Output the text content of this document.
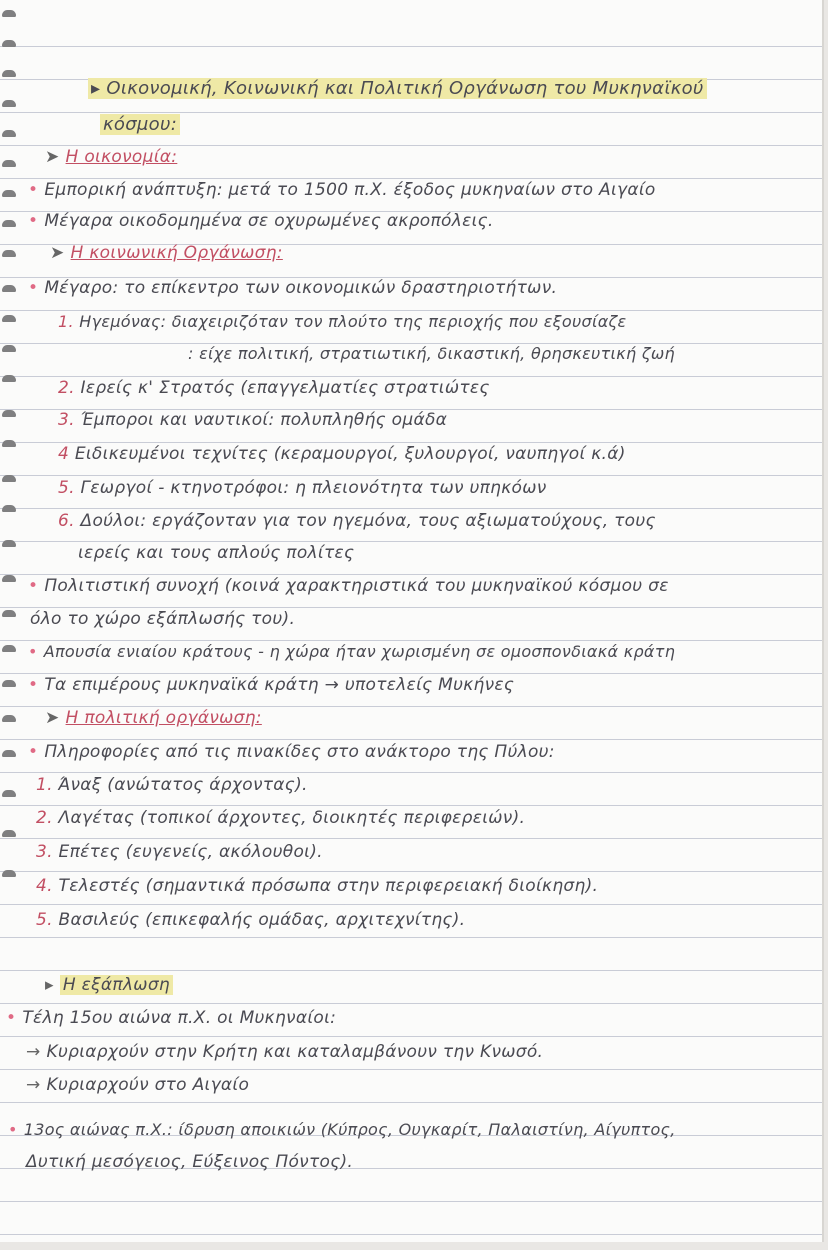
▸ Οικονομική, Κοινωνική και Πολιτική Οργάνωση του Μυκηναϊκού
κόσμου:
➤ Η οικονομία:
• Εμπορική ανάπτυξη: μετά το 1500 π.Χ. έξοδος μυκηναίων στο Αιγαίο
• Μέγαρα οικοδομημένα σε οχυρωμένες ακροπόλεις.
➤ Η κοινωνική Οργάνωση:
• Μέγαρο: το επίκεντρο των οικονομικών δραστηριοτήτων.
1. Ηγεμόνας: διαχειριζόταν τον πλούτο της περιοχής που εξουσίαζε
: είχε πολιτική, στρατιωτική, δικαστική, θρησκευτική ζωή
2. Ιερείς κ' Στρατός (επαγγελματίες στρατιώτες
3. Έμποροι και ναυτικοί: πολυπληθής ομάδα
4 Ειδικευμένοι τεχνίτες (κεραμουργοί, ξυλουργοί, ναυπηγοί κ.ά)
5. Γεωργοί - κτηνοτρόφοι: η πλειονότητα των υπηκόων
6. Δούλοι: εργάζονταν για τον ηγεμόνα, τους αξιωματούχους, τους
ιερείς και τους απλούς πολίτες
• Πολιτιστική συνοχή (κοινά χαρακτηριστικά του μυκηναϊκού κόσμου σε
όλο το χώρο εξάπλωσής του).
• Απουσία ενιαίου κράτους - η χώρα ήταν χωρισμένη σε ομοσπονδιακά κράτη
• Τα επιμέρους μυκηναϊκά κράτη → υποτελείς Μυκήνες
➤ Η πολιτική οργάνωση:
• Πληροφορίες από τις πινακίδες στο ανάκτορο της Πύλου:
1. Άναξ (ανώτατος άρχοντας).
2. Λαγέτας (τοπικοί άρχοντες, διοικητές περιφερειών).
3. Επέτες (ευγενείς, ακόλουθοι).
4. Τελεστές (σημαντικά πρόσωπα στην περιφερειακή διοίκηση).
5. Βασιλεύς (επικεφαλής ομάδας, αρχιτεχνίτης).
▸ Η εξάπλωση
• Τέλη 15ου αιώνα π.Χ. οι Μυκηναίοι:
→ Κυριαρχούν στην Κρήτη και καταλαμβάνουν την Κνωσό.
→ Κυριαρχούν στο Αιγαίο
• 13ος αιώνας π.Χ.: ίδρυση αποικιών (Κύπρος, Ουγκαρίτ, Παλαιστίνη, Αίγυπτος,
Δυτική μεσόγειος, Εύξεινος Πόντος).
